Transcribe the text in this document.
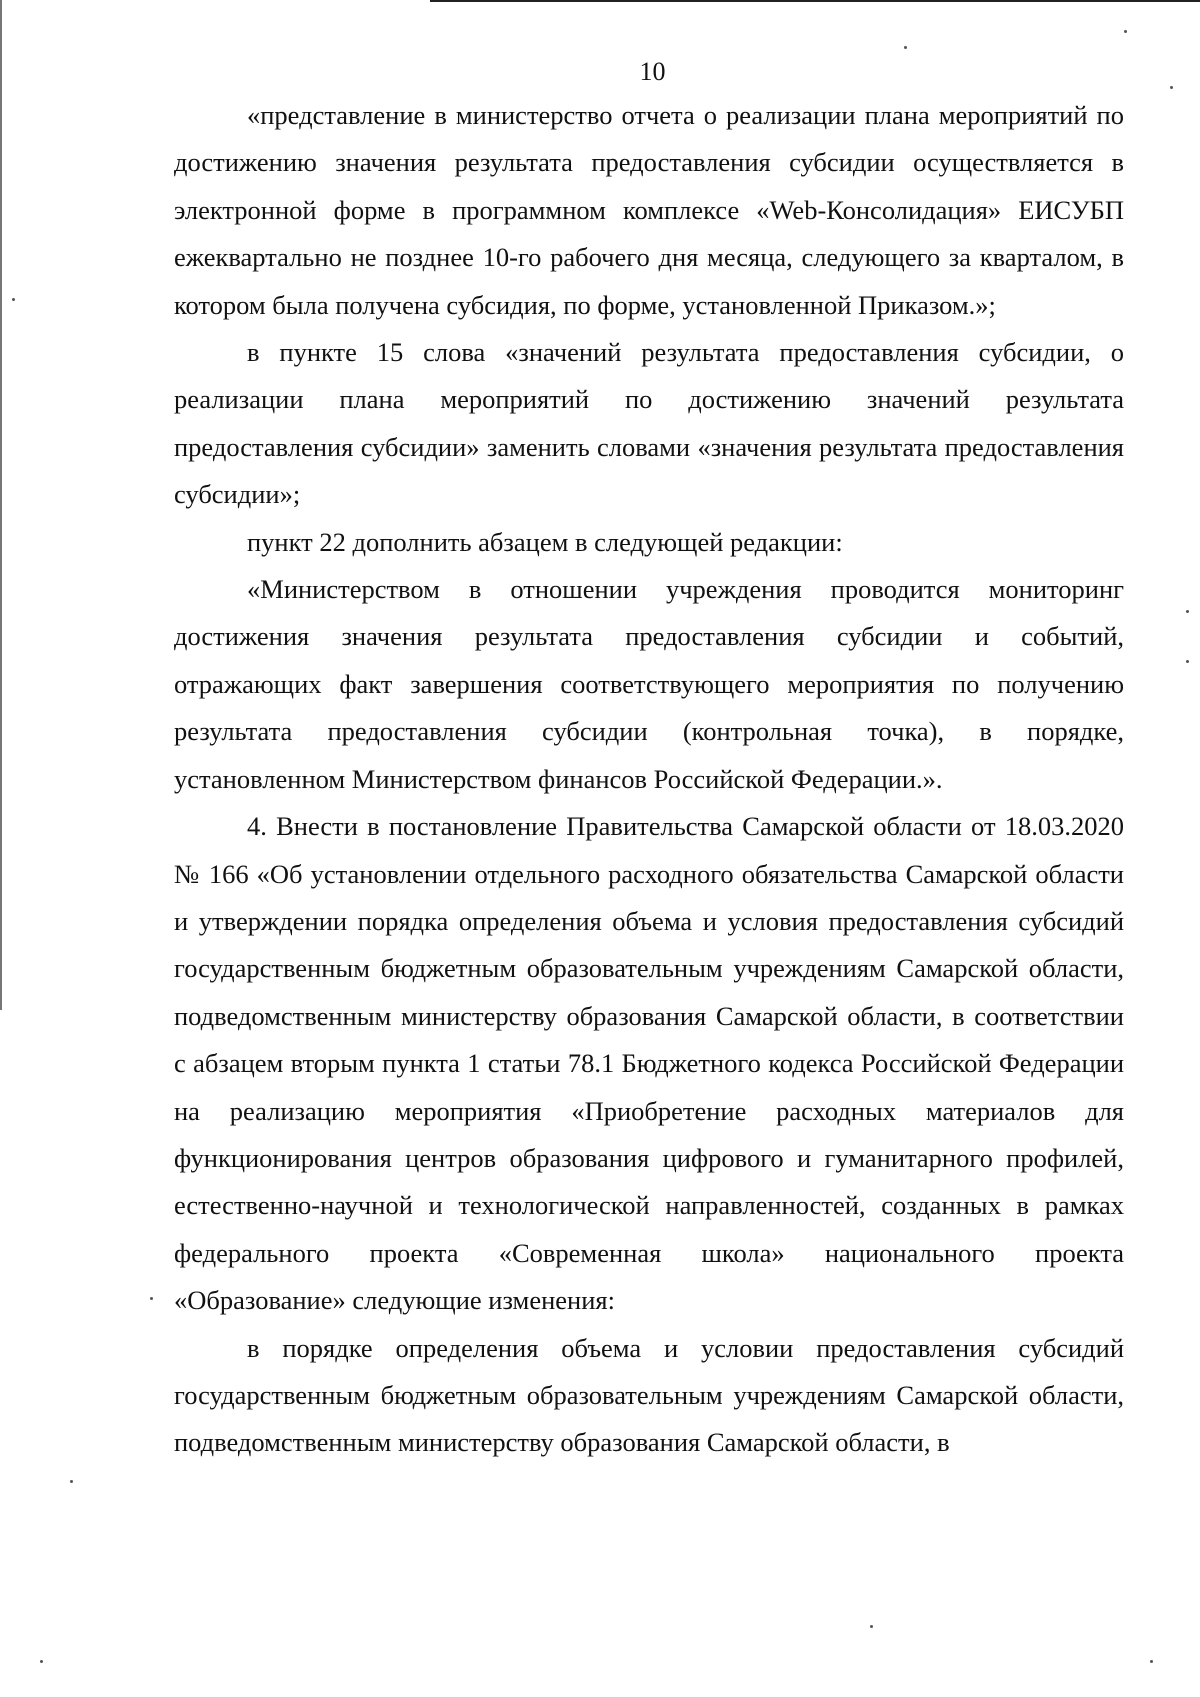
10

«представление в министерство отчета о реализации плана мероприятий по достижению значения результата предоставления субсидии осуществляется в электронной форме в программном комплексе «Web-Консолидация» ЕИСУБП ежеквартально не позднее 10-го рабочего дня месяца, следующего за кварталом, в котором была получена субсидия, по форме, установленной Приказом.»;

в пункте 15 слова «значений результата предоставления субсидии, о реализации плана мероприятий по достижению значений результата предоставления субсидии» заменить словами «значения результата предоставления субсидии»;

пункт 22 дополнить абзацем в следующей редакции:

«Министерством в отношении учреждения проводится мониторинг достижения значения результата предоставления субсидии и событий, отражающих факт завершения соответствующего мероприятия по получению результата предоставления субсидии (контрольная точка), в порядке, установленном Министерством финансов Российской Федерации.».

4. Внести в постановление Правительства Самарской области от 18.03.2020 № 166 «Об установлении отдельного расходного обязательства Самарской области и утверждении порядка определения объема и условия предоставления субсидий государственным бюджетным образовательным учреждениям Самарской области, подведомственным министерству образования Самарской области, в соответствии с абзацем вторым пункта 1 статьи 78.1 Бюджетного кодекса Российской Федерации на реализацию мероприятия «Приобретение расходных материалов для функционирования центров образования цифрового и гуманитарного профилей, естественно-научной и технологической направленностей, созданных в рамках федерального проекта «Современная школа» национального проекта «Образование» следующие изменения:

в порядке определения объема и условии предоставления субсидий государственным бюджетным образовательным учреждениям Самарской области, подведомственным министерству образования Самарской области, в
